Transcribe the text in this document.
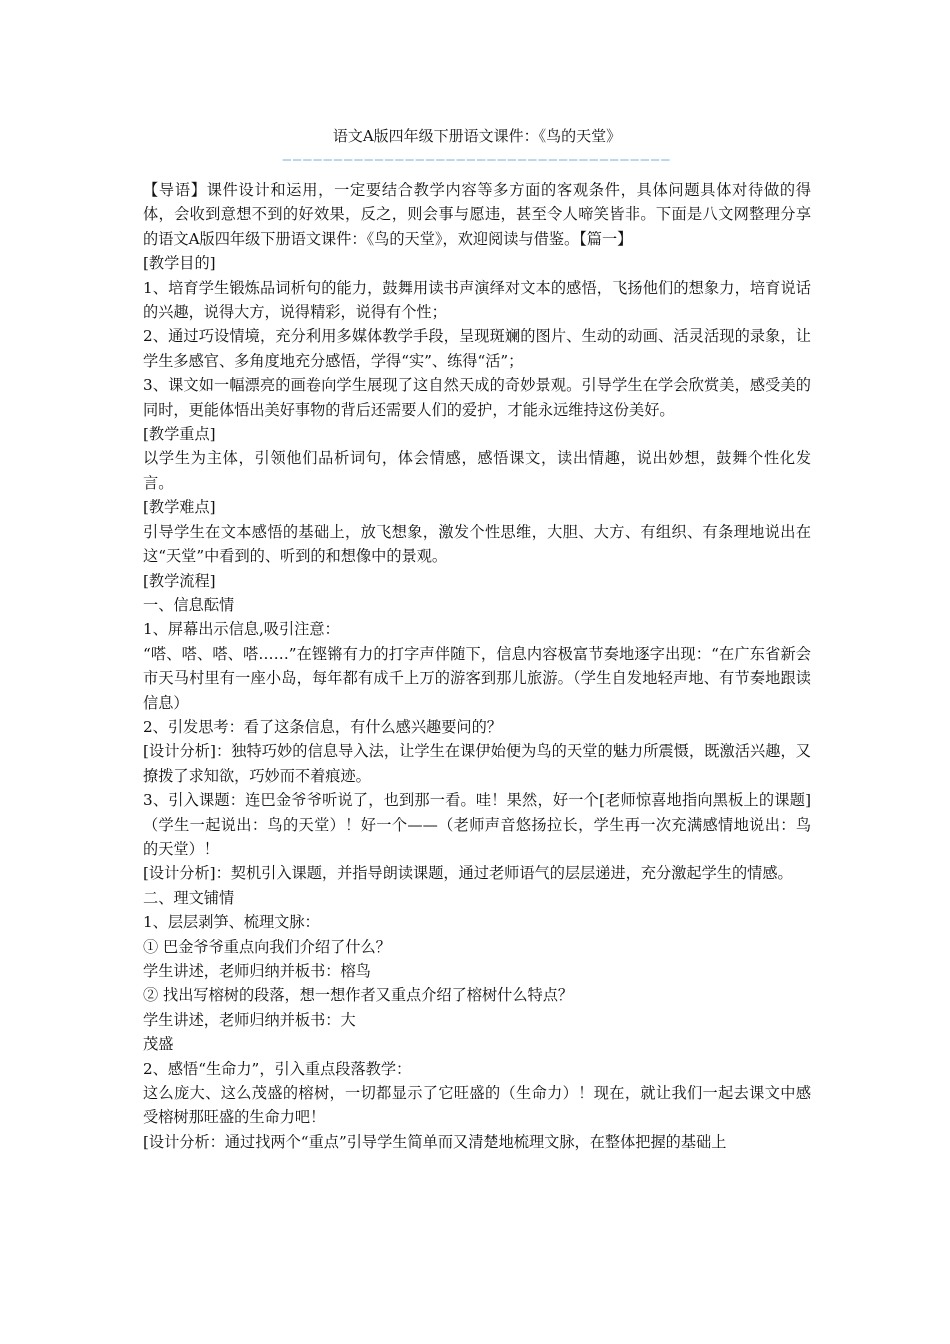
语文A版四年级下册语文课件：《鸟的天堂》
——————————————————————————————————————

【导语】课件设计和运用，一定要结合教学内容等多方面的客观条件，具体问题具体对待做的得体，会收到意想不到的好效果，反之，则会事与愿违，甚至令人啼笑皆非。下面是八文网整理分享的语文A版四年级下册语文课件：《鸟的天堂》，欢迎阅读与借鉴。【篇一】

[教学目的]

1、培育学生锻炼品词析句的能力，鼓舞用读书声演绎对文本的感悟，飞扬他们的想象力，培育说话的兴趣，说得大方，说得精彩，说得有个性；

2、通过巧设情境，充分利用多媒体教学手段，呈现斑斓的图片、生动的动画、活灵活现的录象，让学生多感官、多角度地充分感悟，学得“实”、练得“活”；

3、课文如一幅漂亮的画卷向学生展现了这自然天成的奇妙景观。引导学生在学会欣赏美，感受美的同时，更能体悟出美好事物的背后还需要人们的爱护，才能永远维持这份美好。

[教学重点]

以学生为主体，引领他们品析词句，体会情感，感悟课文，读出情趣，说出妙想，鼓舞个性化发言。

[教学难点]

引导学生在文本感悟的基础上，放飞想象，激发个性思维，大胆、大方、有组织、有条理地说出在这“天堂”中看到的、听到的和想像中的景观。

[教学流程]

一、信息酝情

1、屏幕出示信息,吸引注意：

“嗒、嗒、嗒、嗒……”在铿锵有力的打字声伴随下，信息内容极富节奏地逐字出现：“在广东省新会市天马村里有一座小岛，每年都有成千上万的游客到那儿旅游。（学生自发地轻声地、有节奏地跟读信息）

2、引发思考：看了这条信息，有什么感兴趣要问的？

[设计分析]：独特巧妙的信息导入法，让学生在课伊始便为鸟的天堂的魅力所震慑，既激活兴趣，又撩拨了求知欲，巧妙而不着痕迹。

3、引入课题：连巴金爷爷听说了，也到那一看。哇！果然，好一个[老师惊喜地指向黑板上的课题]（学生一起说出：鸟的天堂）！好一个——（老师声音悠扬拉长，学生再一次充满感情地说出：鸟的天堂）！

[设计分析]：契机引入课题，并指导朗读课题，通过老师语气的层层递进，充分激起学生的情感。

二、理文铺情

1、层层剥笋、梳理文脉：

① 巴金爷爷重点向我们介绍了什么？

学生讲述，老师归纳并板书：榕鸟

② 找出写榕树的段落，想一想作者又重点介绍了榕树什么特点？

学生讲述，老师归纳并板书：大

茂盛

2、感悟“生命力”，引入重点段落教学：

这么庞大、这么茂盛的榕树，一切都显示了它旺盛的（生命力）！现在，就让我们一起去课文中感受榕树那旺盛的生命力吧！

[设计分析：通过找两个“重点”引导学生简单而又清楚地梳理文脉，在整体把握的基础上
